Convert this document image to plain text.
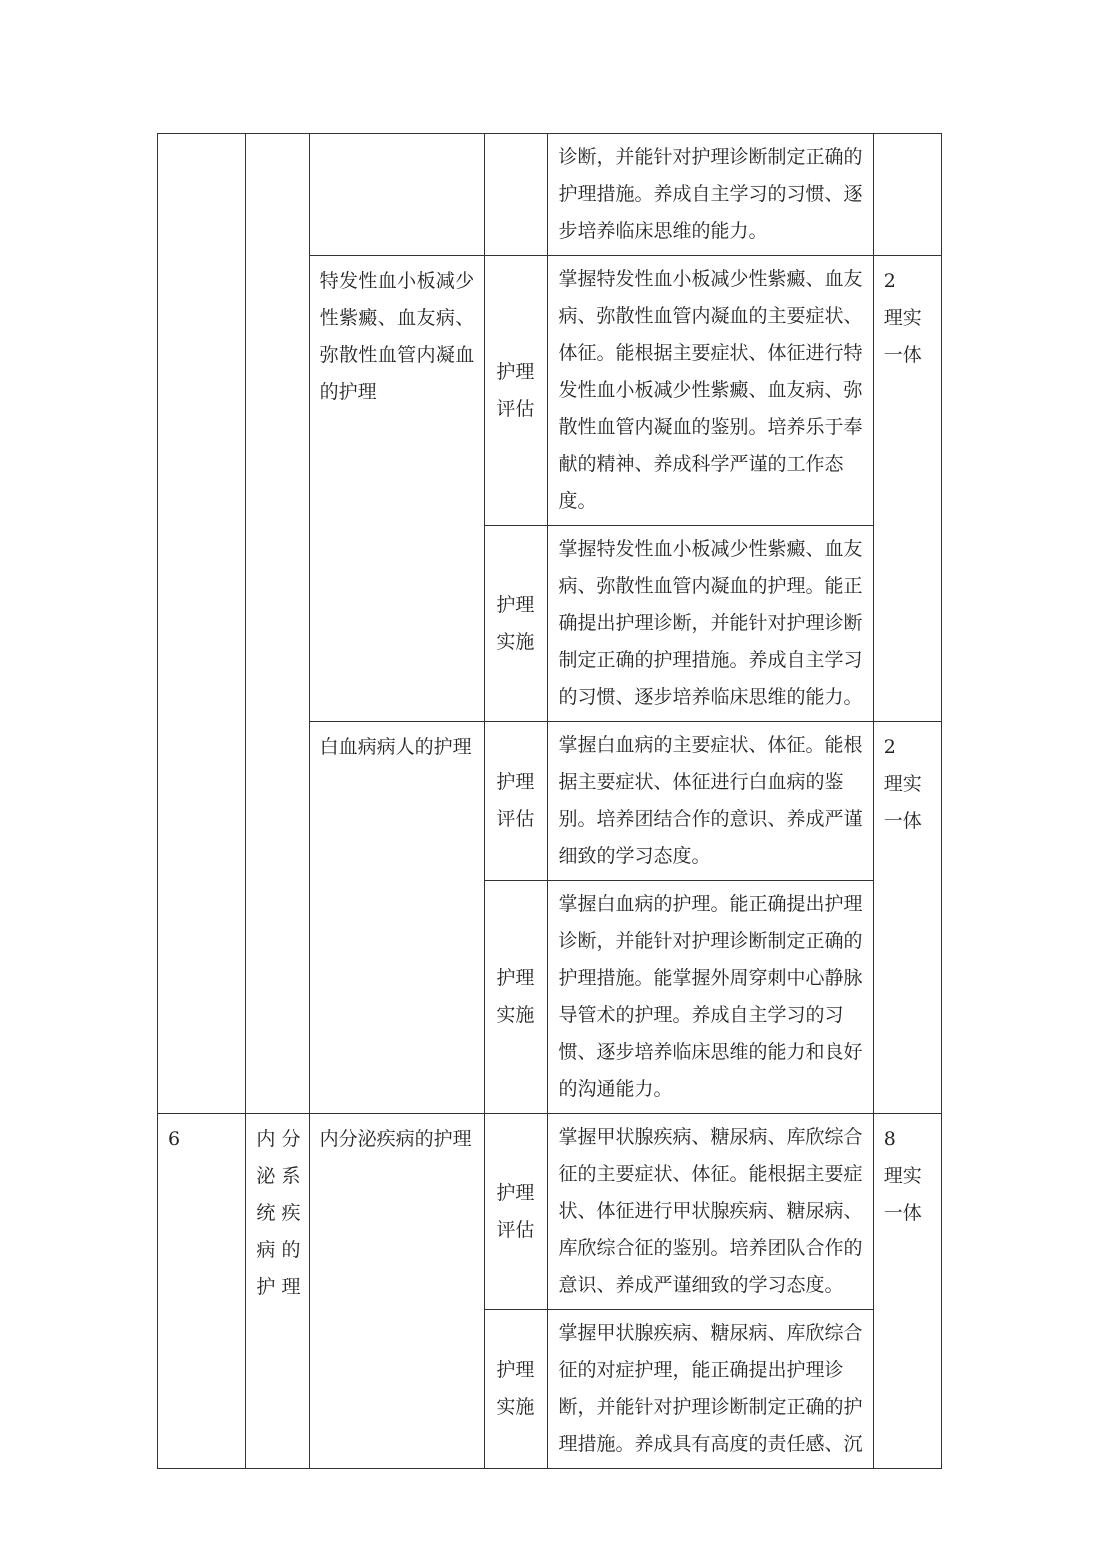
				诊断，并能针对护理诊断制定正确的护理措施。养成自主学习的习惯、逐步培养临床思维的能力。	

		特发性血小板减少性紫癜、血友病、弥散性血管内凝血的护理	护理评估	掌握特发性血小板减少性紫癜、血友病、弥散性血管内凝血的主要症状、体征。能根据主要症状、体征进行特发性血小板减少性紫癜、血友病、弥散性血管内凝血的鉴别。培养乐于奉献的精神、养成科学严谨的工作态度。	2
理实一体

			护理实施	掌握特发性血小板减少性紫癜、血友病、弥散性血管内凝血的护理。能正确提出护理诊断，并能针对护理诊断制定正确的护理措施。养成自主学习的习惯、逐步培养临床思维的能力。	

		白血病病人的护理	护理评估	掌握白血病的主要症状、体征。能根据主要症状、体征进行白血病的鉴别。培养团结合作的意识、养成严谨细致的学习态度。	2
理实一体

			护理实施	掌握白血病的护理。能正确提出护理诊断，并能针对护理诊断制定正确的护理措施。能掌握外周穿刺中心静脉导管术的护理。养成自主学习的习惯、逐步培养临床思维的能力和良好的沟通能力。	

6	内分泌系统疾病的护理	内分泌疾病的护理	护理评估	掌握甲状腺疾病、糖尿病、库欣综合征的主要症状、体征。能根据主要症状、体征进行甲状腺疾病、糖尿病、库欣综合征的鉴别。培养团队合作的意识、养成严谨细致的学习态度。	8
理实一体

			护理实施	掌握甲状腺疾病、糖尿病、库欣综合征的对症护理，能正确提出护理诊断，并能针对护理诊断制定正确的护理措施。养成具有高度的责任感、沉	
